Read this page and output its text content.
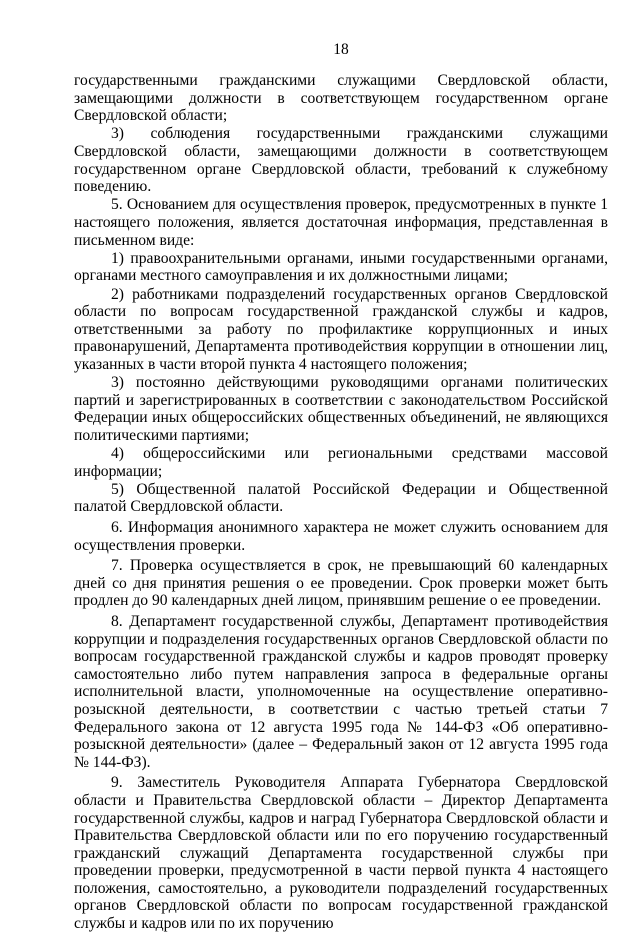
18

государственными гражданскими служащими Свердловской области, замещающими должности в соответствующем государственном органе Свердловской области;

3) соблюдения государственными гражданскими служащими Свердловской области, замещающими должности в соответствующем государственном органе Свердловской области, требований к служебному поведению.

5. Основанием для осуществления проверок, предусмотренных в пункте 1 настоящего положения, является достаточная информация, представленная в письменном виде:

1) правоохранительными органами, иными государственными органами, органами местного самоуправления и их должностными лицами;

2) работниками подразделений государственных органов Свердловской области по вопросам государственной гражданской службы и кадров, ответственными за работу по профилактике коррупционных и иных правонарушений, Департамента противодействия коррупции в отношении лиц, указанных в части второй пункта 4 настоящего положения;

3) постоянно действующими руководящими органами политических партий и зарегистрированных в соответствии с законодательством Российской Федерации иных общероссийских общественных объединений, не являющихся политическими партиями;

4) общероссийскими или региональными средствами массовой информации;

5) Общественной палатой Российской Федерации и Общественной палатой Свердловской области.

6. Информация анонимного характера не может служить основанием для осуществления проверки.

7. Проверка осуществляется в срок, не превышающий 60 календарных дней со дня принятия решения о ее проведении. Срок проверки может быть продлен до 90 календарных дней лицом, принявшим решение о ее проведении.

8. Департамент государственной службы, Департамент противодействия коррупции и подразделения государственных органов Свердловской области по вопросам государственной гражданской службы и кадров проводят проверку самостоятельно либо путем направления запроса в федеральные органы исполнительной власти, уполномоченные на осуществление оперативно-розыскной деятельности, в соответствии с частью третьей статьи 7 Федерального закона от 12 августа 1995 года № 144-ФЗ «Об оперативно-розыскной деятельности» (далее – Федеральный закон от 12 августа 1995 года № 144-ФЗ).

9. Заместитель Руководителя Аппарата Губернатора Свердловской области и Правительства Свердловской области – Директор Департамента государственной службы, кадров и наград Губернатора Свердловской области и Правительства Свердловской области или по его поручению государственный гражданский служащий Департамента государственной службы при проведении проверки, предусмотренной в части первой пункта 4 настоящего положения, самостоятельно, а руководители подразделений государственных органов Свердловской области по вопросам государственной гражданской службы и кадров или по их поручению
